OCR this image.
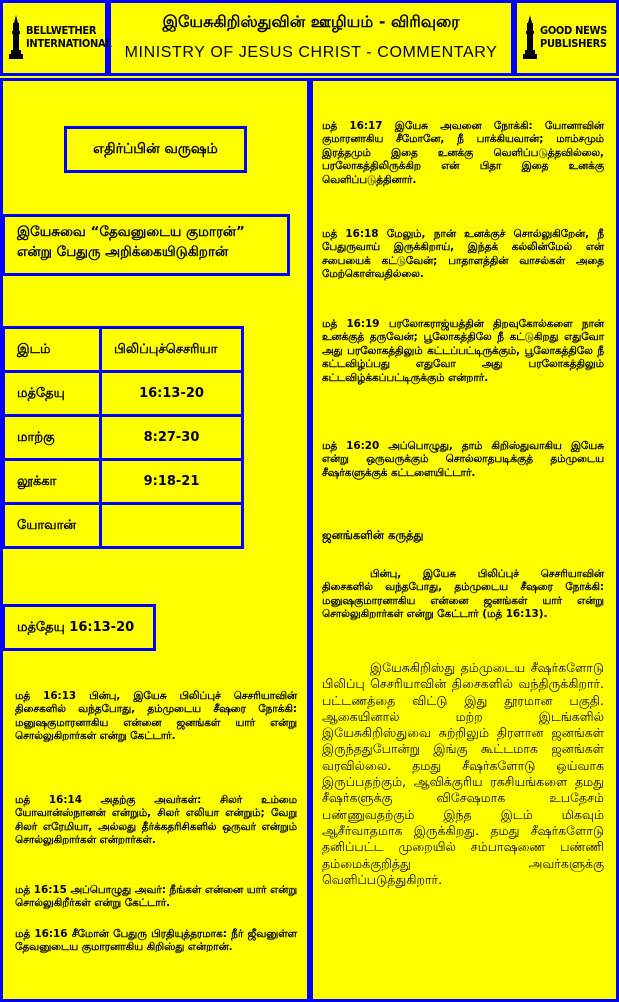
BELLWETHER
INTERNATIONAL
இயேசுகிறிஸ்துவின் ஊழியம் - விரிவுரை
MINISTRY OF JESUS CHRIST - COMMENTARY
GOOD NEWS
PUBLISHERS
எதிர்ப்பின் வருஷம்
இயேசுவை “தேவனுடைய குமாரன்”
என்று பேதுரு அறிக்கையிடுகிறான்
இடம்	பிலிப்புச்செசரியா
மத்தேயு	16:13-20
மாற்கு	8:27-30
லூக்கா	9:18-21
யோவான்	
மத்தேயு 16:13-20
மத் 16:13 பின்பு, இயேசு பிலிப்புச் செசரியாவின் திசைகளில் வந்தபோது, தம்முடைய சீஷரை நோக்கி: மனுஷகுமாரனாகிய என்னை ஜனங்கள் யார் என்று சொல்லுகிறார்கள் என்று கேட்டார்.
மத் 16:14 அதற்கு அவர்கள்: சிலர் உம்மை யோவான்ஸ்நானன் என்றும், சிலர் எலியா என்றும்; வேறு சிலர் எரேமியா, அல்லது தீர்க்கதரிசிகளில் ஒருவர் என்றும் சொல்லுகிறார்கள் என்றார்கள்.
மத் 16:15 அப்பொழுது அவர்: நீங்கள் என்னை யார் என்று சொல்லுகிறீர்கள் என்று கேட்டார்.
மத் 16:16 சீமோன் பேதுரு பிரதியுத்தரமாக: நீர் ஜீவனுள்ள தேவனுடைய குமாரனாகிய கிறிஸ்து என்றான்.
மத் 16:17 இயேசு அவனை நோக்கி: யோனாவின் குமாரனாகிய சீமோனே, நீ பாக்கியவான்; மாம்சமும் இரத்தமும் இதை உனக்கு வெளிப்படுத்தவில்லை, பரலோகத்திலிருக்கிற என் பிதா இதை உனக்கு வெளிப்படுத்தினார்.
மத் 16:18 மேலும், நான் உனக்குச் சொல்லுகிறேன், நீ பேதுருவாய் இருக்கிறாய், இந்தக் கல்லின்மேல் என் சபையைக் கட்டுவேன்; பாதாளத்தின் வாசல்கள் அதை மேற்கொள்வதில்லை.
மத் 16:19 பரலோகராஜ்யத்தின் திறவுகோல்களை நான் உனக்குத் தருவேன்; பூலோகத்திலே நீ கட்டுகிறது எதுவோ அது பரலோகத்திலும் கட்டப்பட்டிருக்கும், பூலோகத்திலே நீ கட்டவிழ்ப்பது எதுவோ அது பரலோகத்திலும் கட்டவிழ்க்கப்பட்டிருக்கும் என்றார்.
மத் 16:20 அப்பொழுது, தாம் கிறிஸ்துவாகிய இயேசு என்று ஒருவருக்கும் சொல்லாதபடிக்குத் தம்முடைய சீஷர்களுக்குக் கட்டளையிட்டார்.
ஜனங்களின் கருத்து
பின்பு, இயேசு பிலிப்புச் செசரியாவின் திசைகளில் வந்தபோது, தம்முடைய சீஷரை நோக்கி: மனுஷகுமாரனாகிய என்னை ஜனங்கள் யார் என்று சொல்லுகிறார்கள் என்று கேட்டார் (மத் 16:13).
இயேசுகிறிஸ்து தம்முடைய சீஷர்களோடு பிலிப்பு செசரியாவின் திசைகளில் வந்திருக்கிறார். பட்டணத்தை விட்டு இது தூரமான பகுதி. ஆகையினால் மற்ற இடங்களில் இயேசுகிறிஸ்துவை சுற்றிலும் திரளான ஜனங்கள் இருந்ததுபோன்று இங்கு கூட்டமாக ஜனங்கள் வரவில்லை. தமது சீஷர்களோடு ஒய்வாக இருப்பதற்கும், ஆவிக்குரிய ரகசியங்களை தமது சீஷர்களுக்கு விசேஷமாக உபதேசம் பண்ணுவதற்கும் இந்த இடம் மிகவும் ஆசீர்வாதமாக இருக்கிறது. தமது சீஷர்களோடு தனிப்பட்ட முறையில் சம்பாஷணை பண்ணி தம்மைக்குறித்து அவர்களுக்கு வெளிப்படுத்துகிறார்.
